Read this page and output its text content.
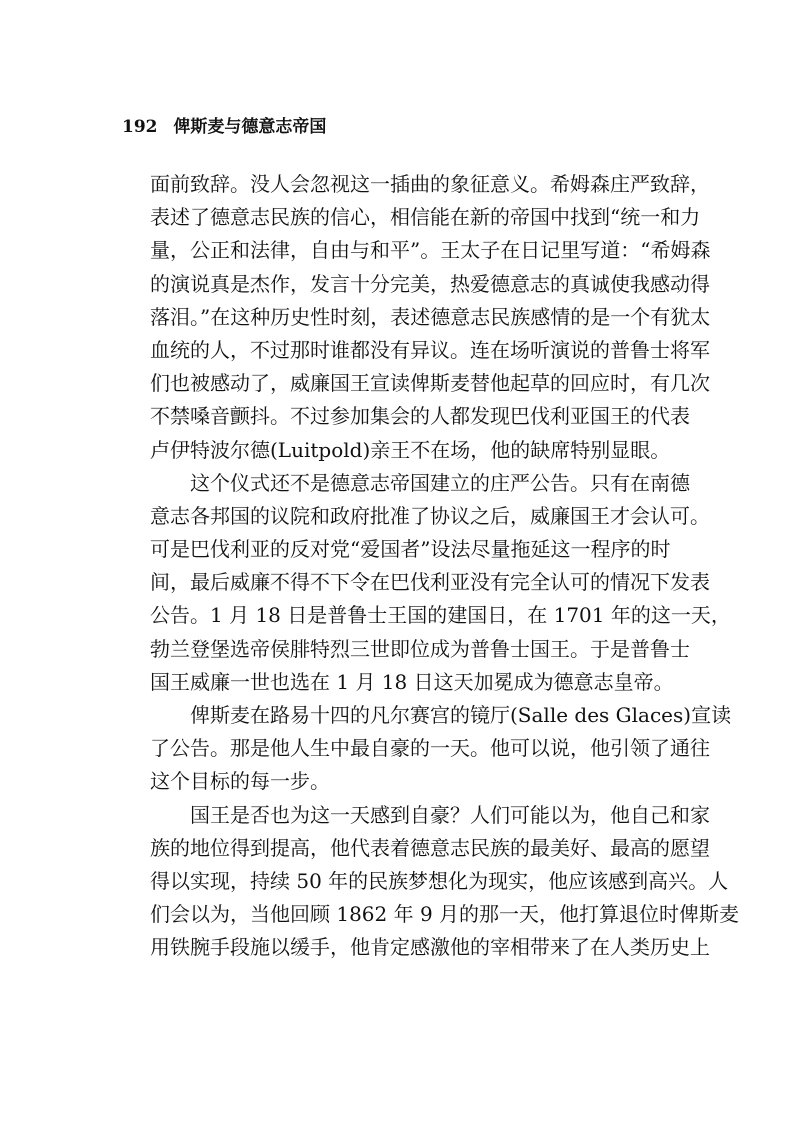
192 俾斯麦与德意志帝国
面前致辞。没人会忽视这一插曲的象征意义。希姆森庄严致辞，
表述了德意志民族的信心，相信能在新的帝国中找到“统一和力
量，公正和法律，自由与和平”。王太子在日记里写道：“希姆森
的演说真是杰作，发言十分完美，热爱德意志的真诚使我感动得
落泪。”在这种历史性时刻，表述德意志民族感情的是一个有犹太
血统的人，不过那时谁都没有异议。连在场听演说的普鲁士将军
们也被感动了，威廉国王宣读俾斯麦替他起草的回应时，有几次
不禁嗓音颤抖。不过参加集会的人都发现巴伐利亚国王的代表
卢伊特波尔德(Luitpold)亲王不在场，他的缺席特别显眼。
这个仪式还不是德意志帝国建立的庄严公告。只有在南德
意志各邦国的议院和政府批准了协议之后，威廉国王才会认可。
可是巴伐利亚的反对党“爱国者”设法尽量拖延这一程序的时
间，最后威廉不得不下令在巴伐利亚没有完全认可的情况下发表
公告。1 月 18 日是普鲁士王国的建国日，在 1701 年的这一天，
勃兰登堡选帝侯腓特烈三世即位成为普鲁士国王。于是普鲁士
国王威廉一世也选在 1 月 18 日这天加冕成为德意志皇帝。
俾斯麦在路易十四的凡尔赛宫的镜厅(Salle des Glaces)宣读
了公告。那是他人生中最自豪的一天。他可以说，他引领了通往
这个目标的每一步。
国王是否也为这一天感到自豪？人们可能以为，他自己和家
族的地位得到提高，他代表着德意志民族的最美好、最高的愿望
得以实现，持续 50 年的民族梦想化为现实，他应该感到高兴。人
们会以为，当他回顾 1862 年 9 月的那一天，他打算退位时俾斯麦
用铁腕手段施以缓手，他肯定感激他的宰相带来了在人类历史上
